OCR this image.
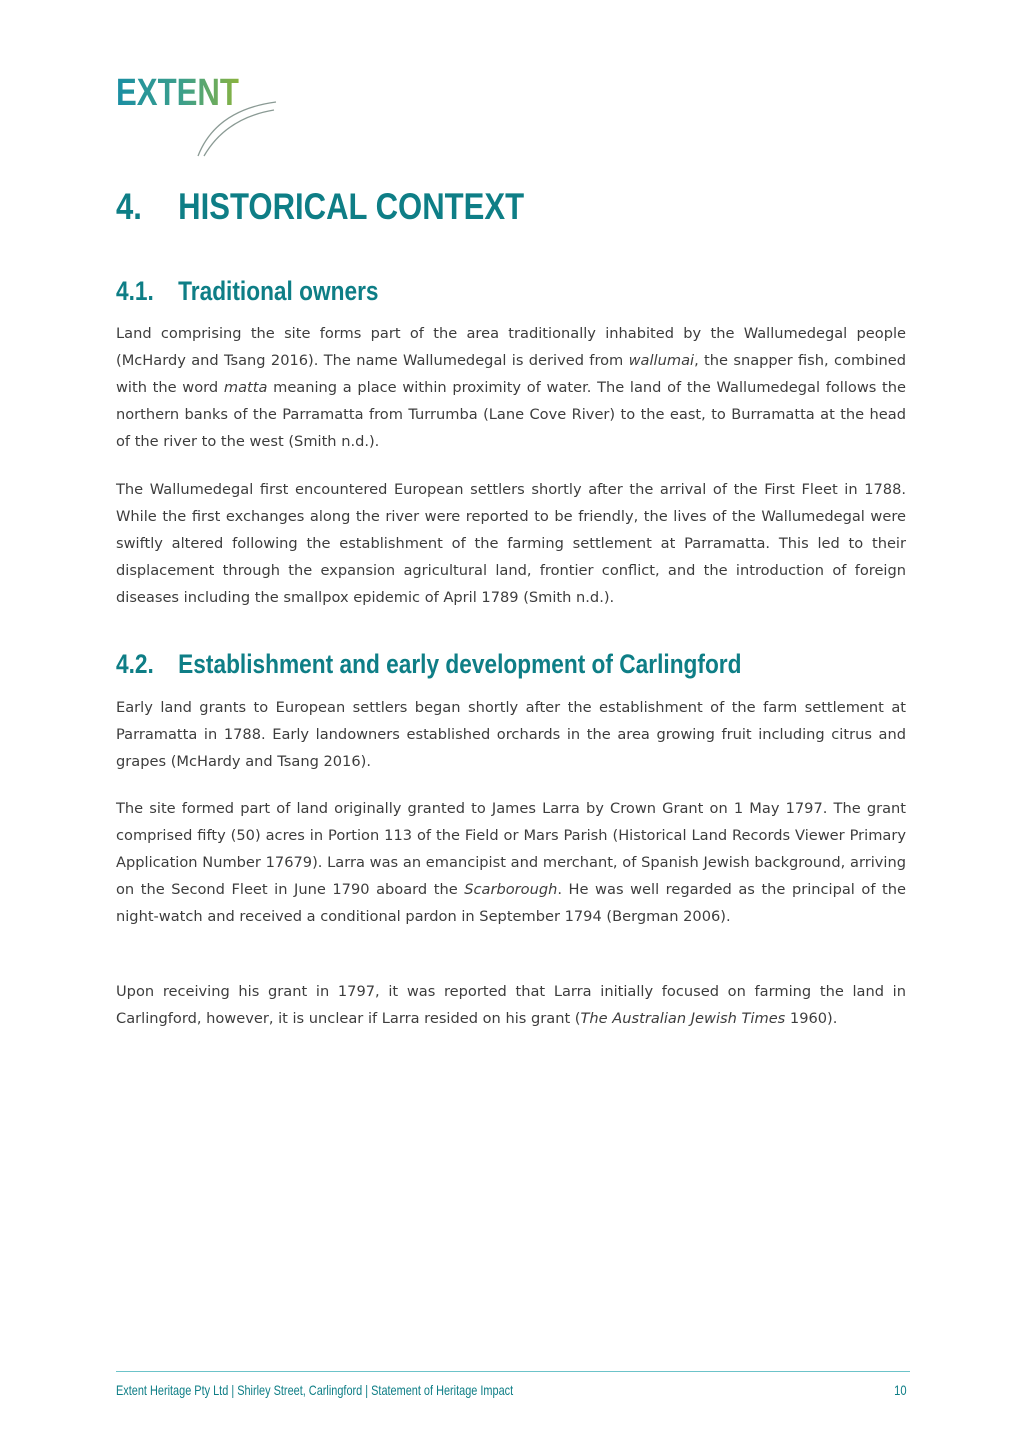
EXTENT
4. HISTORICAL CONTEXT
4.1. Traditional owners

Land comprising the site forms part of the area traditionally inhabited by the Wallumedegal people (McHardy and Tsang 2016). The name Wallumedegal is derived from wallumai, the snapper fish, combined with the word matta meaning a place within proximity of water. The land of the Wallumedegal follows the northern banks of the Parramatta from Turrumba (Lane Cove River) to the east, to Burramatta at the head of the river to the west (Smith n.d.).

The Wallumedegal first encountered European settlers shortly after the arrival of the First Fleet in 1788. While the first exchanges along the river were reported to be friendly, the lives of the Wallumedegal were swiftly altered following the establishment of the farming settlement at Parramatta. This led to their displacement through the expansion agricultural land, frontier conflict, and the introduction of foreign diseases including the smallpox epidemic of April 1789 (Smith n.d.).

4.2. Establishment and early development of Carlingford

Early land grants to European settlers began shortly after the establishment of the farm settlement at Parramatta in 1788. Early landowners established orchards in the area growing fruit including citrus and grapes (McHardy and Tsang 2016).

The site formed part of land originally granted to James Larra by Crown Grant on 1 May 1797. The grant comprised fifty (50) acres in Portion 113 of the Field or Mars Parish (Historical Land Records Viewer Primary Application Number 17679). Larra was an emancipist and merchant, of Spanish Jewish background, arriving on the Second Fleet in June 1790 aboard the Scarborough. He was well regarded as the principal of the night-watch and received a conditional pardon in September 1794 (Bergman 2006).

Upon receiving his grant in 1797, it was reported that Larra initially focused on farming the land in Carlingford, however, it is unclear if Larra resided on his grant (The Australian Jewish Times 1960).

Extent Heritage Pty Ltd | Shirley Street, Carlingford | Statement of Heritage Impact	10
